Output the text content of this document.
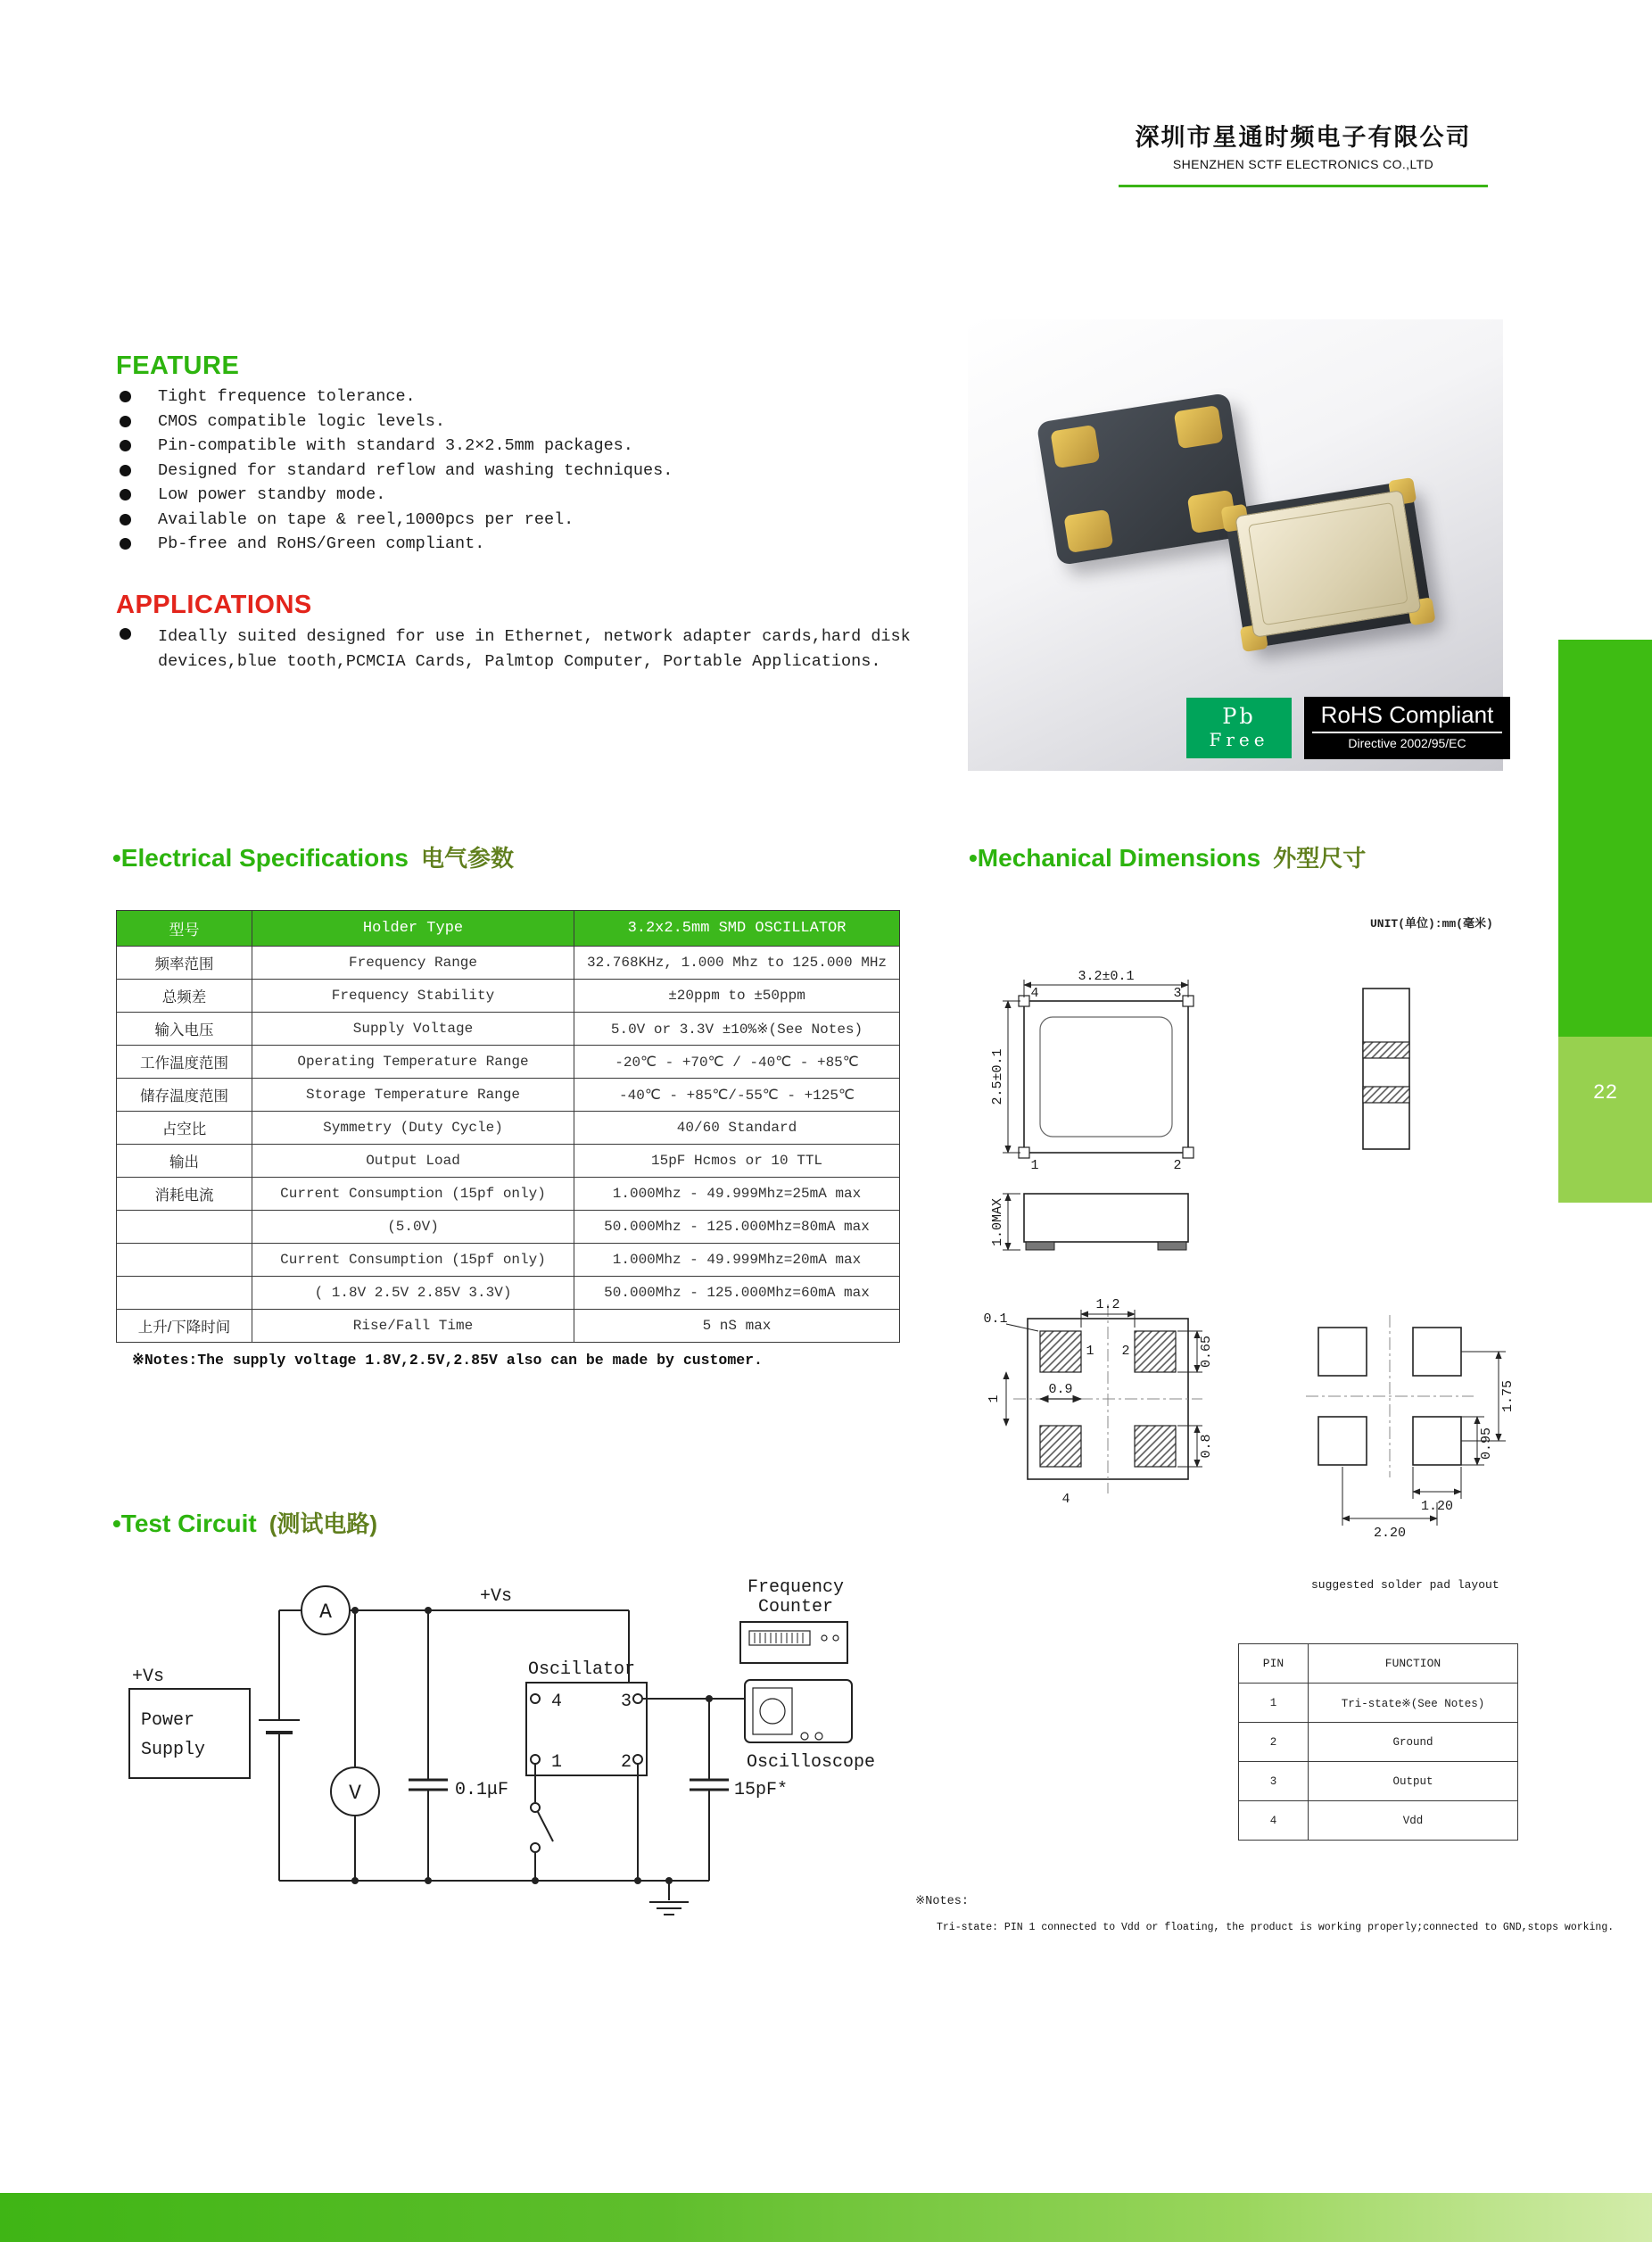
深圳市星通时频电子有限公司
SHENZHEN SCTF ELECTRONICS CO.,LTD
FEATURE
Tight frequence tolerance.
CMOS compatible logic levels.
Pin-compatible with standard 3.2×2.5mm packages.
Designed for standard reflow and washing techniques.
Low power standby mode.
Available on tape & reel,1000pcs per reel.
Pb-free and RoHS/Green compliant.
APPLICATIONS
Ideally suited designed for use in Ethernet, network adapter cards,hard disk devices,blue tooth,PCMCIA Cards, Palmtop Computer, Portable Applications.
Pb
Free
RoHS Compliant
Directive 2002/95/EC
22
•Electrical Specifications 电气参数	•Mechanical Dimensions 外型尺寸
UNIT(单位):mm(毫米)
型号	Holder Type	3.2x2.5mm SMD OSCILLATOR
频率范围	Frequency Range	32.768KHz, 1.000 Mhz to 125.000 MHz
总频差	Frequency Stability	±20ppm to ±50ppm
输入电压	Supply Voltage	5.0V or 3.3V ±10%※(See Notes)
工作温度范围	Operating Temperature Range	-20℃ - +70℃ / -40℃ - +85℃
储存温度范围	Storage Temperature Range	-40℃ - +85℃/-55℃ - +125℃
占空比	Symmetry (Duty Cycle)	40/60 Standard
输出	Output Load	15pF Hcmos or 10 TTL
消耗电流	Current Consumption (15pf only)	1.000Mhz - 49.999Mhz=25mA max
	(5.0V)	50.000Mhz - 125.000Mhz=80mA max
	Current Consumption (15pf only)	1.000Mhz - 49.999Mhz=20mA max
	( 1.8V 2.5V 2.85V 3.3V)	50.000Mhz - 125.000Mhz=60mA max
上升/下降时间	Rise/Fall Time	5 nS max
※Notes:The supply voltage 1.8V,2.5V,2.85V also can be made by customer.
3.2±0.1
2.5±0.1
4	3
1	2
1.0MAX
0.1
1.2
0.65
0.9
1
0.8
1 2
4
1.75
0.95
1.20
2.20
suggested solder pad layout
•Test Circuit (测试电路)
+Vs
Power
Supply
A
V
+Vs
0.1μF
Oscillator
4	3
1	2
15pF*
Frequency
Counter
Oscilloscope
PIN	FUNCTION
1	Tri-state※(See Notes)
2	Ground
3	Output
4	Vdd
※Notes:
Tri-state: PIN 1 connected to Vdd or floating, the product is working properly;connected to GND,stops working.
